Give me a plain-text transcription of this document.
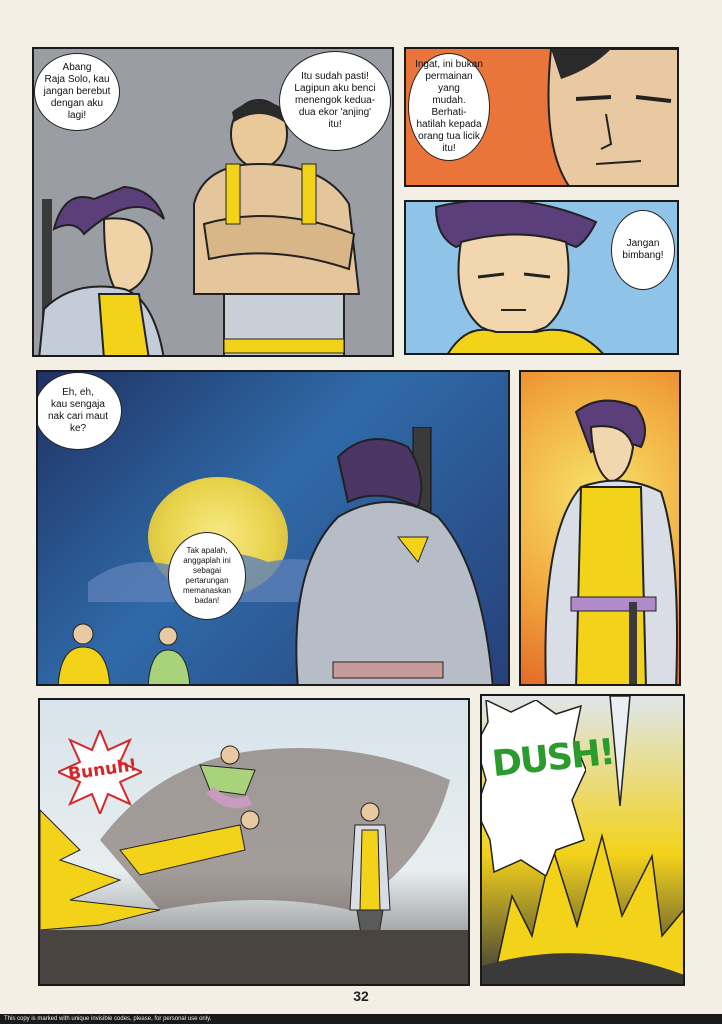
Abang
Raja Solo, kau
jangan berebut
dengan aku
lagi!
Itu sudah pasti!
Lagipun aku benci
menengok kedua-
dua ekor 'anjing'
itu!
Ingat, ini bukan
permainan yang
mudah. Berhati-
hatilah kepada
orang tua licik
itu!
Jangan
bimbang!
Eh, eh,
kau sengaja
nak cari maut
ke?
Tak apalah,
anggaplah ini
sebagai pertarungan
memanaskan
badan!
Bunuh!	DUSH!
32
This copy is marked with unique invisible codes, please, for personal use only.
